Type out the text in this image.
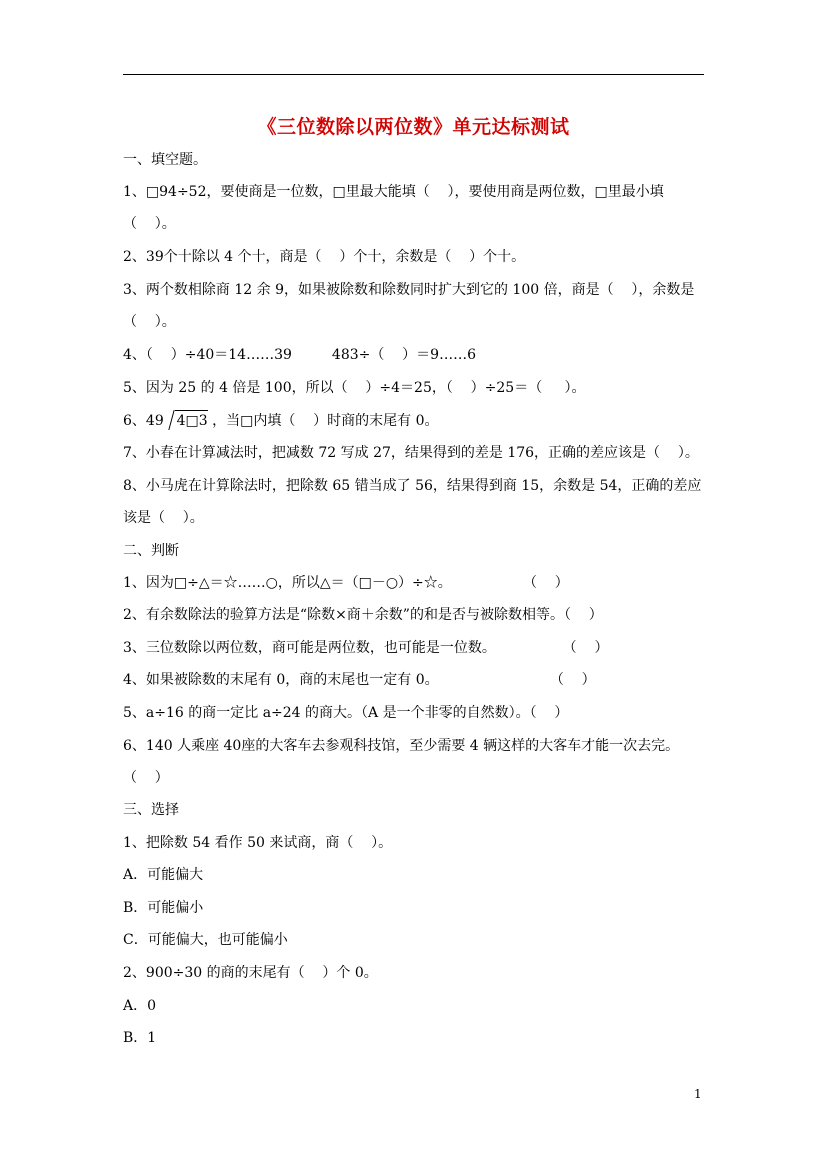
《三位数除以两位数》单元达标测试
一、填空题。
1、□94÷52，要使商是一位数，□里最大能填（    ），要使用商是两位数，□里最小填
（    ）。
2、39个十除以 4 个十，商是（    ）个十，余数是（    ）个十。
3、两个数相除商 12 余 9，如果被除数和除数同时扩大到它的 100 倍，商是（    ），余数是
（    ）。
4、（    ）÷40＝14……39         483÷（    ）＝9……6
5、因为 25 的 4 倍是 100，所以（    ）÷4＝25，（    ）÷25＝（     ）。
6、49  4□3 ，当□内填（    ）时商的末尾有 0。
7、小春在计算减法时，把减数 72 写成 27，结果得到的差是 176，正确的差应该是（    ）。
8、小马虎在计算除法时，把除数 65 错当成了 56，结果得到商 15，余数是 54，正确的差应
该是（    ）。
二、判断
1、因为□÷△＝☆……○，所以△＝（□－○）÷☆。                （    ）
2、有余数除法的验算方法是“除数×商＋余数”的和是否与被除数相等。（    ）
3、三位数除以两位数，商可能是两位数，也可能是一位数。               （    ）
4、如果被除数的末尾有 0，商的末尾也一定有 0。                         （    ）
5、a÷16 的商一定比 a÷24 的商大。（A 是一个非零的自然数）。（    ）
6、140 人乘座 40座的大客车去参观科技馆，至少需要 4 辆这样的大客车才能一次去完。
（    ）
三、选择
1、把除数 54 看作 50 来试商，商（    ）。
A．可能偏大
B．可能偏小
C．可能偏大，也可能偏小
2、900÷30 的商的末尾有（    ）个 0。
A．0
B．1
1
